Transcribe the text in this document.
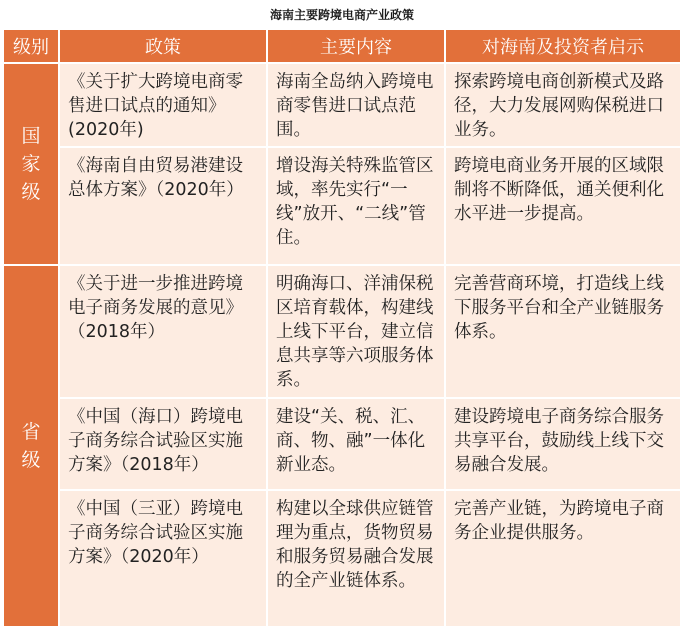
海南主要跨境电商产业政策
级别	政策	主要内容	对海南及投资者启示
国家级	《关于扩大跨境电商零售进口试点的通知》(2020年)	海南全岛纳入跨境电商零售进口试点范围。	探索跨境电商创新模式及路径，大力发展网购保税进口业务。
	《海南自由贸易港建设总体方案》（2020年）	增设海关特殊监管区域，率先实行“一线”放开、“二线”管住。	跨境电商业务开展的区域限制将不断降低，通关便利化水平进一步提高。
省级	《关于进一步推进跨境电子商务发展的意见》（2018年）	明确海口、洋浦保税区培育载体，构建线上线下平台，建立信息共享等六项服务体系。	完善营商环境，打造线上线下服务平台和全产业链服务体系。
	《中国（海口）跨境电子商务综合试验区实施方案》（2018年）	建设“关、税、汇、商、物、融”一体化新业态。	建设跨境电子商务综合服务共享平台，鼓励线上线下交易融合发展。
	《中国（三亚）跨境电子商务综合试验区实施方案》（2020年）	构建以全球供应链管理为重点，货物贸易和服务贸易融合发展的全产业链体系。	完善产业链，为跨境电子商务企业提供服务。
